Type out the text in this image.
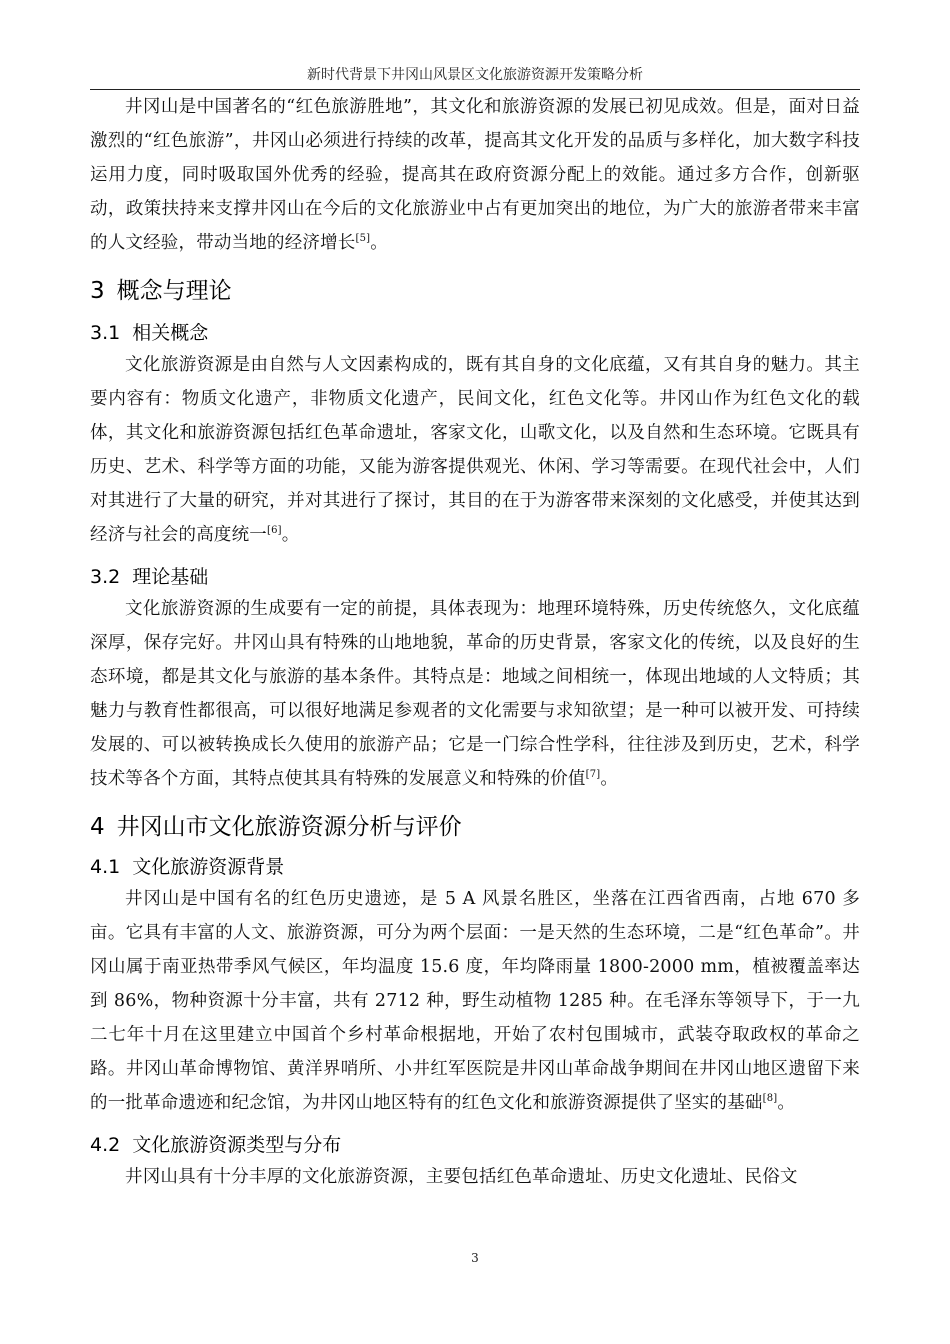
新时代背景下井冈山风景区文化旅游资源开发策略分析

井冈山是中国著名的“红色旅游胜地”，其文化和旅游资源的发展已初见成效。但是，面对日益激烈的“红色旅游”，井冈山必须进行持续的改革，提高其文化开发的品质与多样化，加大数字科技运用力度，同时吸取国外优秀的经验，提高其在政府资源分配上的效能。通过多方合作，创新驱动，政策扶持来支撑井冈山在今后的文化旅游业中占有更加突出的地位，为广大的旅游者带来丰富的人文经验，带动当地的经济增长[5]。

3 概念与理论
3.1 相关概念

文化旅游资源是由自然与人文因素构成的，既有其自身的文化底蕴，又有其自身的魅力。其主要内容有：物质文化遗产，非物质文化遗产，民间文化，红色文化等。井冈山作为红色文化的载体，其文化和旅游资源包括红色革命遗址，客家文化，山歌文化，以及自然和生态环境。它既具有历史、艺术、科学等方面的功能，又能为游客提供观光、休闲、学习等需要。在现代社会中，人们对其进行了大量的研究，并对其进行了探讨，其目的在于为游客带来深刻的文化感受，并使其达到经济与社会的高度统一[6]。

3.2 理论基础

文化旅游资源的生成要有一定的前提，具体表现为：地理环境特殊，历史传统悠久，文化底蕴深厚，保存完好。井冈山具有特殊的山地地貌，革命的历史背景，客家文化的传统，以及良好的生态环境，都是其文化与旅游的基本条件。其特点是：地域之间相统一，体现出地域的人文特质；其魅力与教育性都很高，可以很好地满足参观者的文化需要与求知欲望；是一种可以被开发、可持续发展的、可以被转换成长久使用的旅游产品；它是一门综合性学科，往往涉及到历史，艺术，科学技术等各个方面，其特点使其具有特殊的发展意义和特殊的价值[7]。

4 井冈山市文化旅游资源分析与评价
4.1 文化旅游资源背景

井冈山是中国有名的红色历史遗迹，是 5 A 风景名胜区，坐落在江西省西南，占地 670 多亩。它具有丰富的人文、旅游资源，可分为两个层面：一是天然的生态环境，二是“红色革命”。井冈山属于南亚热带季风气候区，年均温度 15.6 度，年均降雨量 1800-2000 mm，植被覆盖率达到 86%，物种资源十分丰富，共有 2712 种，野生动植物 1285 种。在毛泽东等领导下，于一九二七年十月在这里建立中国首个乡村革命根据地，开始了农村包围城市，武装夺取政权的革命之路。井冈山革命博物馆、黄洋界哨所、小井红军医院是井冈山革命战争期间在井冈山地区遗留下来的一批革命遗迹和纪念馆，为井冈山地区特有的红色文化和旅游资源提供了坚实的基础[8]。

4.2 文化旅游资源类型与分布

井冈山具有十分丰厚的文化旅游资源，主要包括红色革命遗址、历史文化遗址、民俗文

3
